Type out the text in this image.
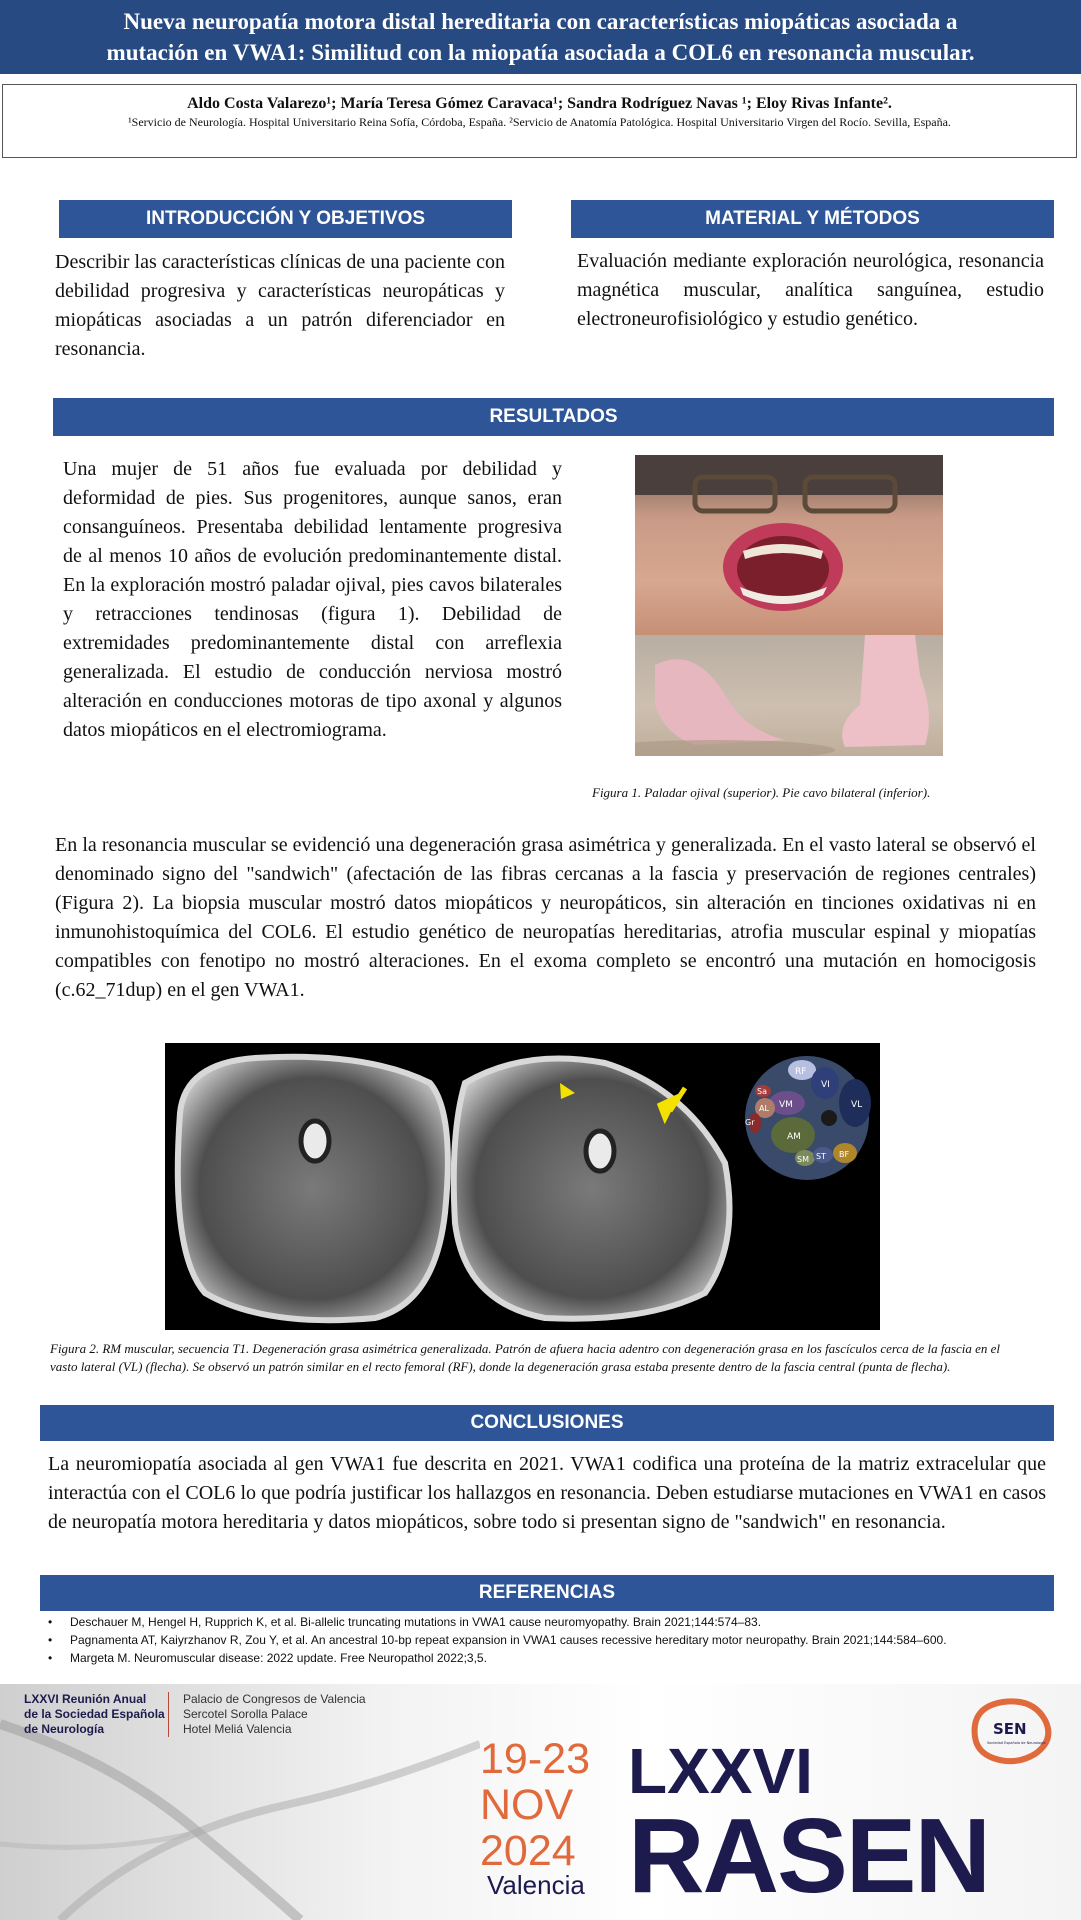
Nueva neuropatía motora distal hereditaria con características miopáticas asociada a
mutación en VWA1: Similitud con la miopatía asociada a COL6 en resonancia muscular.
Aldo Costa Valarezo¹; María Teresa Gómez Caravaca¹; Sandra Rodríguez Navas ¹; Eloy Rivas Infante².
¹Servicio de Neurología. Hospital Universitario Reina Sofía, Córdoba, España. ²Servicio de Anatomía Patológica. Hospital Universitario Virgen del Rocío. Sevilla, España.
INTRODUCCIÓN Y OBJETIVOS

Describir las características clínicas de una paciente con debilidad progresiva y características neuropáticas y miopáticas asociadas a un patrón diferenciador en resonancia.

MATERIAL Y MÉTODOS

Evaluación mediante exploración neurológica, resonancia magnética muscular, analítica sanguínea, estudio electroneurofisiológico y estudio genético.

RESULTADOS

Una mujer de 51 años fue evaluada por debilidad y deformidad de pies. Sus progenitores, aunque sanos, eran consanguíneos. Presentaba debilidad lentamente progresiva de al menos 10 años de evolución predominantemente distal. En la exploración mostró paladar ojival, pies cavos bilaterales y retracciones tendinosas (figura 1). Debilidad de extremidades predominantemente distal con arreflexia generalizada. El estudio de conducción nerviosa mostró alteración en conducciones motoras de tipo axonal y algunos datos miopáticos en el electromiograma.

Figura 1. Paladar ojival (superior). Pie cavo bilateral (inferior).

En la resonancia muscular se evidenció una degeneración grasa asimétrica y generalizada. En el vasto lateral se observó el denominado signo del "sandwich" (afectación de las fibras cercanas a la fascia y preservación de regiones centrales) (Figura 2). La biopsia muscular mostró datos miopáticos y neuropáticos, sin alteración en tinciones oxidativas ni en inmunohistoquímica del COL6. El estudio genético de neuropatías hereditarias, atrofia muscular espinal y miopatías compatibles con fenotipo no mostró alteraciones. En el exoma completo se encontró una mutación en homocigosis (c.62_71dup) en el gen VWA1.

RF
VI
VL
VM
Sa
AL
Gr
AM
SM ST BF

Figura 2. RM muscular, secuencia T1. Degeneración grasa asimétrica generalizada. Patrón de afuera hacia adentro con degeneración grasa en los fascículos cerca de la fascia en el vasto lateral (VL) (flecha). Se observó un patrón similar en el recto femoral (RF), donde la degeneración grasa estaba presente dentro de la fascia central (punta de flecha).

CONCLUSIONES

La neuromiopatía asociada al gen VWA1 fue descrita en 2021. VWA1 codifica una proteína de la matriz extracelular que interactúa con el COL6 lo que podría justificar los hallazgos en resonancia. Deben estudiarse mutaciones en VWA1 en casos de neuropatía motora hereditaria y datos miopáticos, sobre todo si presentan signo de "sandwich" en resonancia.

REFERENCIAS
• Deschauer M, Hengel H, Rupprich K, et al. Bi-allelic truncating mutations in VWA1 cause neuromyopathy. Brain 2021;144:574–83.
• Pagnamenta AT, Kaiyrzhanov R, Zou Y, et al. An ancestral 10-bp repeat expansion in VWA1 causes recessive hereditary motor neuropathy. Brain 2021;144:584–600.
• Margeta M. Neuromuscular disease: 2022 update. Free Neuropathol 2022;3,5.
LXXVI Reunión Anual
de la Sociedad Española
de Neurología
Palacio de Congresos de Valencia
Sercotel Sorolla Palace
Hotel Meliá Valencia
19-23
NOV
2024
Valencia
LXXVI
RASEN
SEN
Sociedad Española de Neurología
